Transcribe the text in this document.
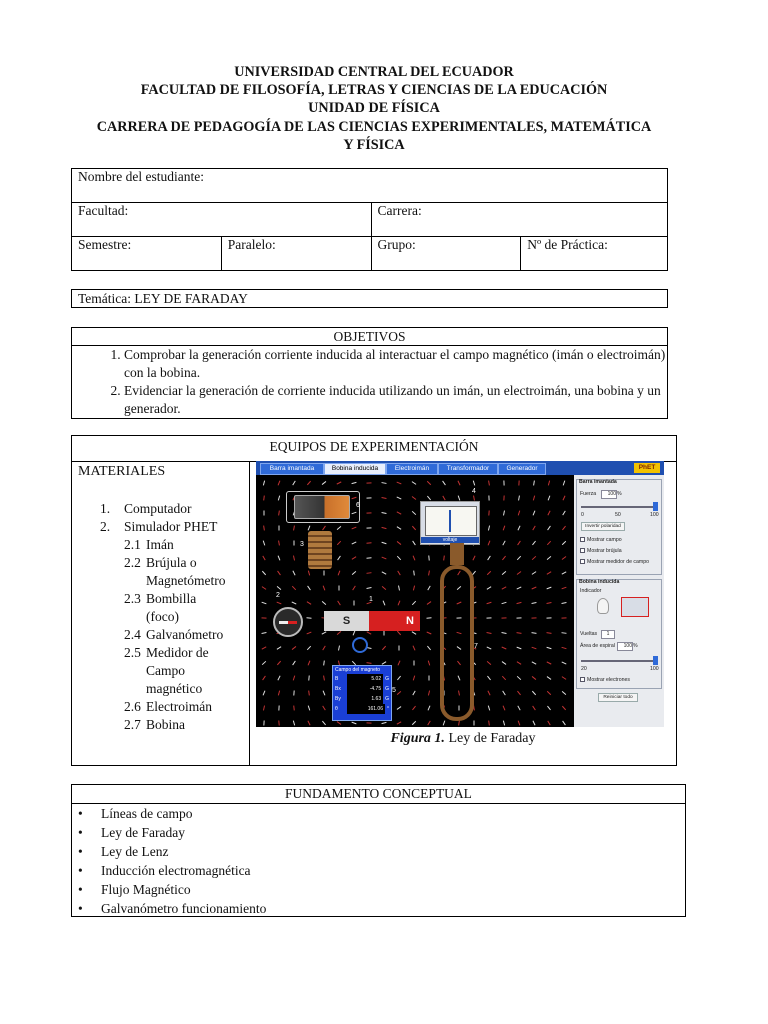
UNIVERSIDAD CENTRAL DEL ECUADOR
FACULTAD DE FILOSOFÍA, LETRAS Y CIENCIAS DE LA EDUCACIÓN
UNIDAD DE FÍSICA
CARRERA DE PEDAGOGÍA DE LAS CIENCIAS EXPERIMENTALES, MATEMÁTICA
Y FÍSICA
Nombre del estudiante:			
Facultad:		Carrera:	
Semestre:	Paralelo:	Grupo:	Nº de Práctica:
Temática: LEY DE FARADAY
OBJETIVOS
1. Comprobar la generación corriente inducida al interactuar el campo magnético (imán o electroimán) con la bobina.
2. Evidenciar la generación de corriente inducida utilizando un imán, un electroimán, una bobina y un generador.
EQUIPOS DE EXPERIMENTACIÓN
MATERIALES
1. Computador
2. Simulador PHET
2.1 Imán
2.2 Brújula o Magnetómetro
2.3 Bombilla (foco)
2.4 Galvanómetro
2.5 Medidor de Campo magnético
2.6 Electroimán
2.7 Bobina
Barra imantada	Bobina inducida	Electroimán	Transformador	Generador	PhET
S	N
Campo del magneto
B	5.02 G
Bx	-4.75 G
By	1.63 G
θ	161.06 °
voltaje
1
2
3
4
5
6
7
Barra imantada
Fuerza	100 %
0	50	100
Invertir polaridad
Mostrar campo
Mostrar brújula
Mostrar medidor de campo
Bobina inducida
Indicador
Vueltas	1
Área de espiral	100 %
20	100
Mostrar electrones
Reiniciar todo
Figura 1. Ley de Faraday
FUNDAMENTO CONCEPTUAL
• Líneas de campo
• Ley de Faraday
• Ley de Lenz
• Inducción electromagnética
• Flujo Magnético
• Galvanómetro funcionamiento
